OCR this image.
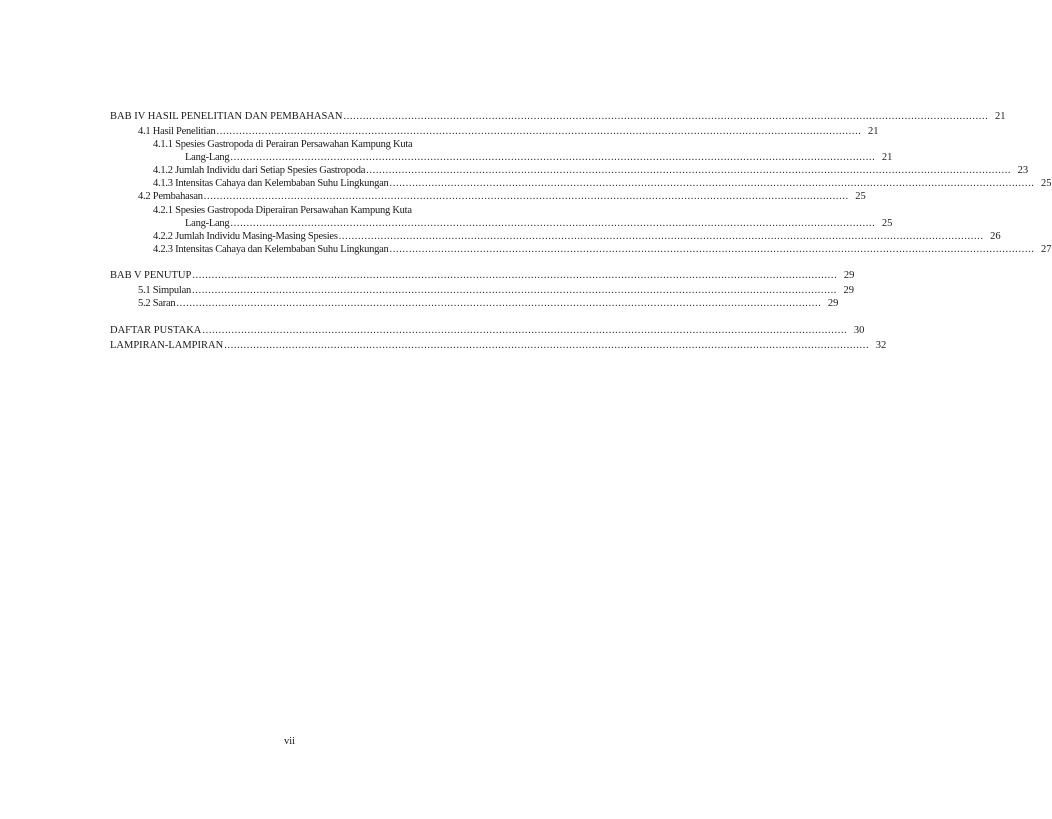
BAB IV HASIL PENELITIAN DAN PEMBAHASAN ........................................................................................................................................................................................................ 21
4.1 Hasil Penelitian ........................................................................................................................................................................................................ 21
4.1.1 Spesies Gastropoda di Perairan Persawahan Kampung Kuta
Lang-Lang ........................................................................................................................................................................................................ 21
4.1.2 Jumlah Individu dari Setiap Spesies Gastropoda ........................................................................................................................................................................................................ 23
4.1.3 Intensitas Cahaya dan Kelembaban Suhu Lingkungan ........................................................................................................................................................................................................ 25
4.2 Pembahasan ........................................................................................................................................................................................................ 25
4.2.1 Spesies Gastropoda Diperairan Persawahan Kampung Kuta
Lang-Lang ........................................................................................................................................................................................................ 25
4.2.2 Jumlah Individu Masing-Masing Spesies ........................................................................................................................................................................................................ 26
4.2.3 Intensitas Cahaya dan Kelembaban Suhu Lingkungan ........................................................................................................................................................................................................ 27
BAB V PENUTUP ........................................................................................................................................................................................................ 29
5.1 Simpulan ........................................................................................................................................................................................................ 29
5.2 Saran ........................................................................................................................................................................................................ 29
DAFTAR PUSTAKA ........................................................................................................................................................................................................ 30
LAMPIRAN-LAMPIRAN ........................................................................................................................................................................................................ 32
vii
